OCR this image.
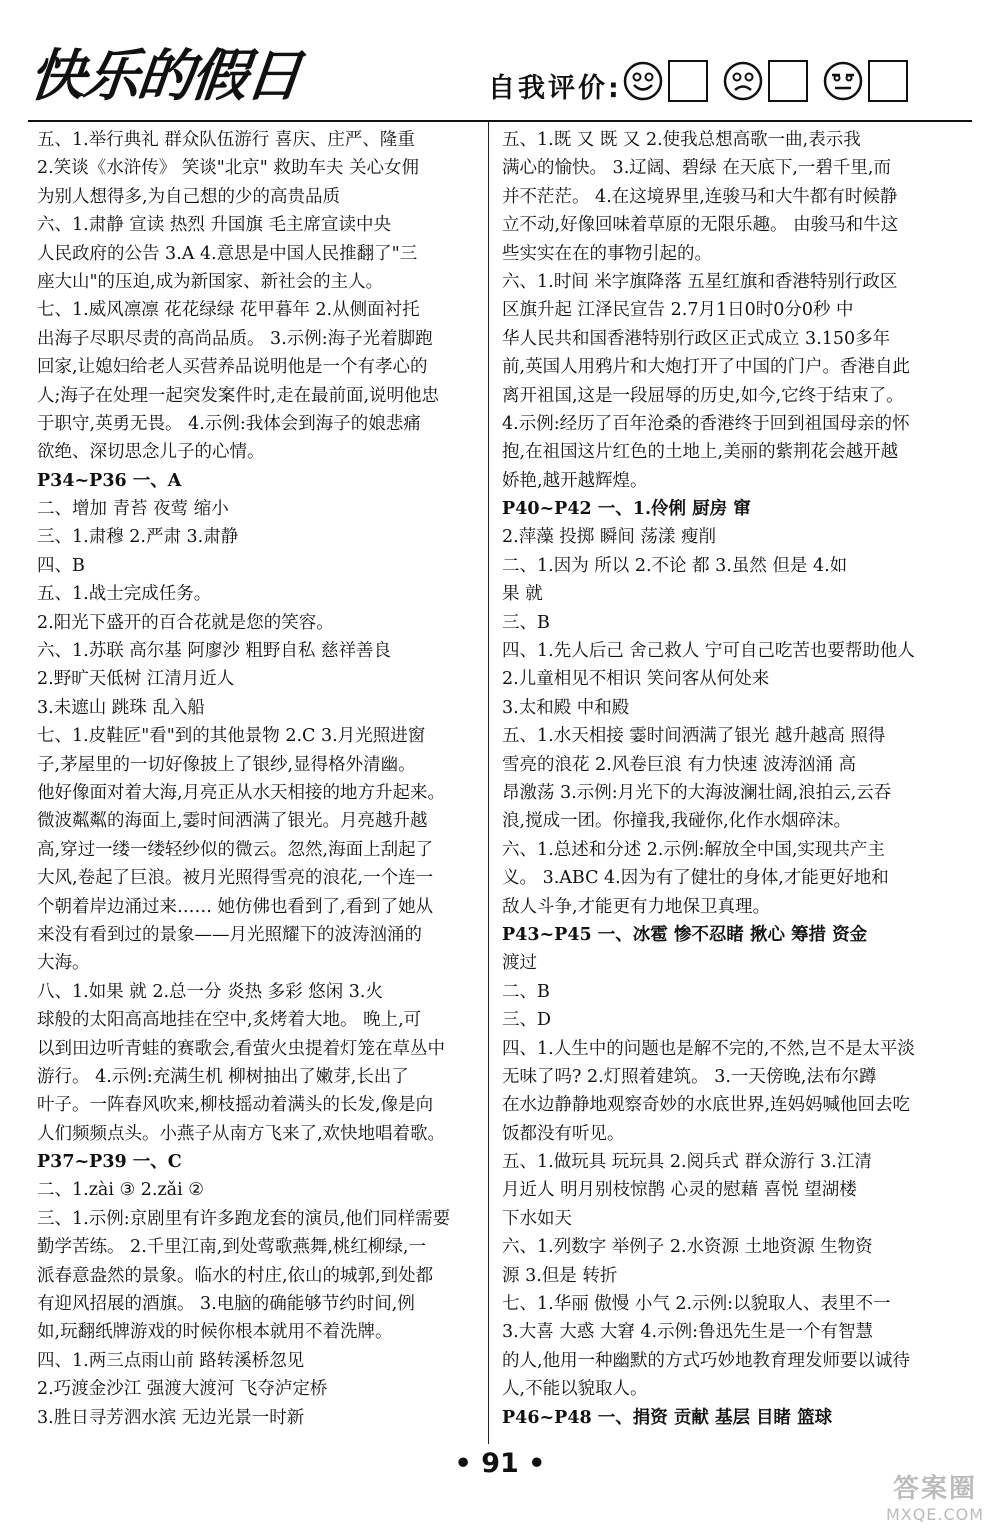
快乐的假日	自我评价:
五、1.举行典礼 群众队伍游行 喜庆、庄严、隆重
2.笑谈《水浒传》 笑谈"北京" 救助车夫 关心女佣
为别人想得多,为自己想的少的高贵品质
六、1.肃静 宣读 热烈 升国旗 毛主席宣读中央
人民政府的公告 3.A 4.意思是中国人民推翻了"三
座大山"的压迫,成为新国家、新社会的主人。
七、1.威风凛凛 花花绿绿 花甲暮年 2.从侧面衬托
出海子尽职尽责的高尚品质。 3.示例:海子光着脚跑
回家,让媳妇给老人买营养品说明他是一个有孝心的
人;海子在处理一起突发案件时,走在最前面,说明他忠
于职守,英勇无畏。 4.示例:我体会到海子的娘悲痛
欲绝、深切思念儿子的心情。
P34~P36 一、A
二、增加 青苔 夜莺 缩小
三、1.肃穆 2.严肃 3.肃静
四、B
五、1.战士完成任务。
2.阳光下盛开的百合花就是您的笑容。
六、1.苏联 高尔基 阿廖沙 粗野自私 慈祥善良
2.野旷天低树 江清月近人
3.未遮山 跳珠 乱入船
七、1.皮鞋匠"看"到的其他景物 2.C 3.月光照进窗
子,茅屋里的一切好像披上了银纱,显得格外清幽。
他好像面对着大海,月亮正从水天相接的地方升起来。
微波粼粼的海面上,霎时间洒满了银光。月亮越升越
高,穿过一缕一缕轻纱似的微云。忽然,海面上刮起了
大风,卷起了巨浪。被月光照得雪亮的浪花,一个连一
个朝着岸边涌过来…… 她仿佛也看到了,看到了她从
来没有看到过的景象——月光照耀下的波涛汹涌的
大海。
八、1.如果 就 2.总一分 炎热 多彩 悠闲 3.火
球般的太阳高高地挂在空中,炙烤着大地。 晚上,可
以到田边听青蛙的赛歌会,看萤火虫提着灯笼在草丛中
游行。 4.示例:充满生机 柳树抽出了嫩芽,长出了
叶子。一阵春风吹来,柳枝摇动着满头的长发,像是向
人们频频点头。小燕子从南方飞来了,欢快地唱着歌。
P37~P39 一、C
二、1.zài ③ 2.zǎi ②
三、1.示例:京剧里有许多跑龙套的演员,他们同样需要
勤学苦练。 2.千里江南,到处莺歌燕舞,桃红柳绿,一
派春意盎然的景象。临水的村庄,依山的城郭,到处都
有迎风招展的酒旗。 3.电脑的确能够节约时间,例
如,玩翻纸牌游戏的时候你根本就用不着洗牌。
四、1.两三点雨山前 路转溪桥忽见
2.巧渡金沙江 强渡大渡河 飞夺泸定桥
3.胜日寻芳泗水滨 无边光景一时新
五、1.既 又 既 又 2.使我总想高歌一曲,表示我
满心的愉快。 3.辽阔、碧绿 在天底下,一碧千里,而
并不茫茫。 4.在这境界里,连骏马和大牛都有时候静
立不动,好像回味着草原的无限乐趣。 由骏马和牛这
些实实在在的事物引起的。
六、1.时间 米字旗降落 五星红旗和香港特别行政区
区旗升起 江泽民宣告 2.7月1日0时0分0秒 中
华人民共和国香港特别行政区正式成立 3.150多年
前,英国人用鸦片和大炮打开了中国的门户。香港自此
离开祖国,这是一段屈辱的历史,如今,它终于结束了。
4.示例:经历了百年沧桑的香港终于回到祖国母亲的怀
抱,在祖国这片红色的土地上,美丽的紫荆花会越开越
娇艳,越开越辉煌。
P40~P42 一、1.伶俐 厨房 窜
2.萍藻 投掷 瞬间 荡漾 瘦削
二、1.因为 所以 2.不论 都 3.虽然 但是 4.如
果 就
三、B
四、1.先人后己 舍己救人 宁可自己吃苦也要帮助他人
2.儿童相见不相识 笑问客从何处来
3.太和殿 中和殿
五、1.水天相接 霎时间洒满了银光 越升越高 照得
雪亮的浪花 2.风卷巨浪 有力快速 波涛汹涌 高
昂激荡 3.示例:月光下的大海波澜壮阔,浪拍云,云吞
浪,搅成一团。你撞我,我碰你,化作水烟碎沫。
六、1.总述和分述 2.示例:解放全中国,实现共产主
义。 3.ABC 4.因为有了健壮的身体,才能更好地和
敌人斗争,才能更有力地保卫真理。
P43~P45 一、冰雹 惨不忍睹 揪心 筹措 资金
渡过
二、B
三、D
四、1.人生中的问题也是解不完的,不然,岂不是太平淡
无味了吗? 2.灯照着建筑。 3.一天傍晚,法布尔蹲
在水边静静地观察奇妙的水底世界,连妈妈喊他回去吃
饭都没有听见。
五、1.做玩具 玩玩具 2.阅兵式 群众游行 3.江清
月近人 明月别枝惊鹊 心灵的慰藉 喜悦 望湖楼
下水如天
六、1.列数字 举例子 2.水资源 土地资源 生物资
源 3.但是 转折
七、1.华丽 傲慢 小气 2.示例:以貌取人、表里不一
3.大喜 大惑 大窘 4.示例:鲁迅先生是一个有智慧
的人,他用一种幽默的方式巧妙地教育理发师要以诚待
人,不能以貌取人。
P46~P48 一、捐资 贡献 基层 目睹 篮球
• 91 •
答案圈
MXQE.COM
